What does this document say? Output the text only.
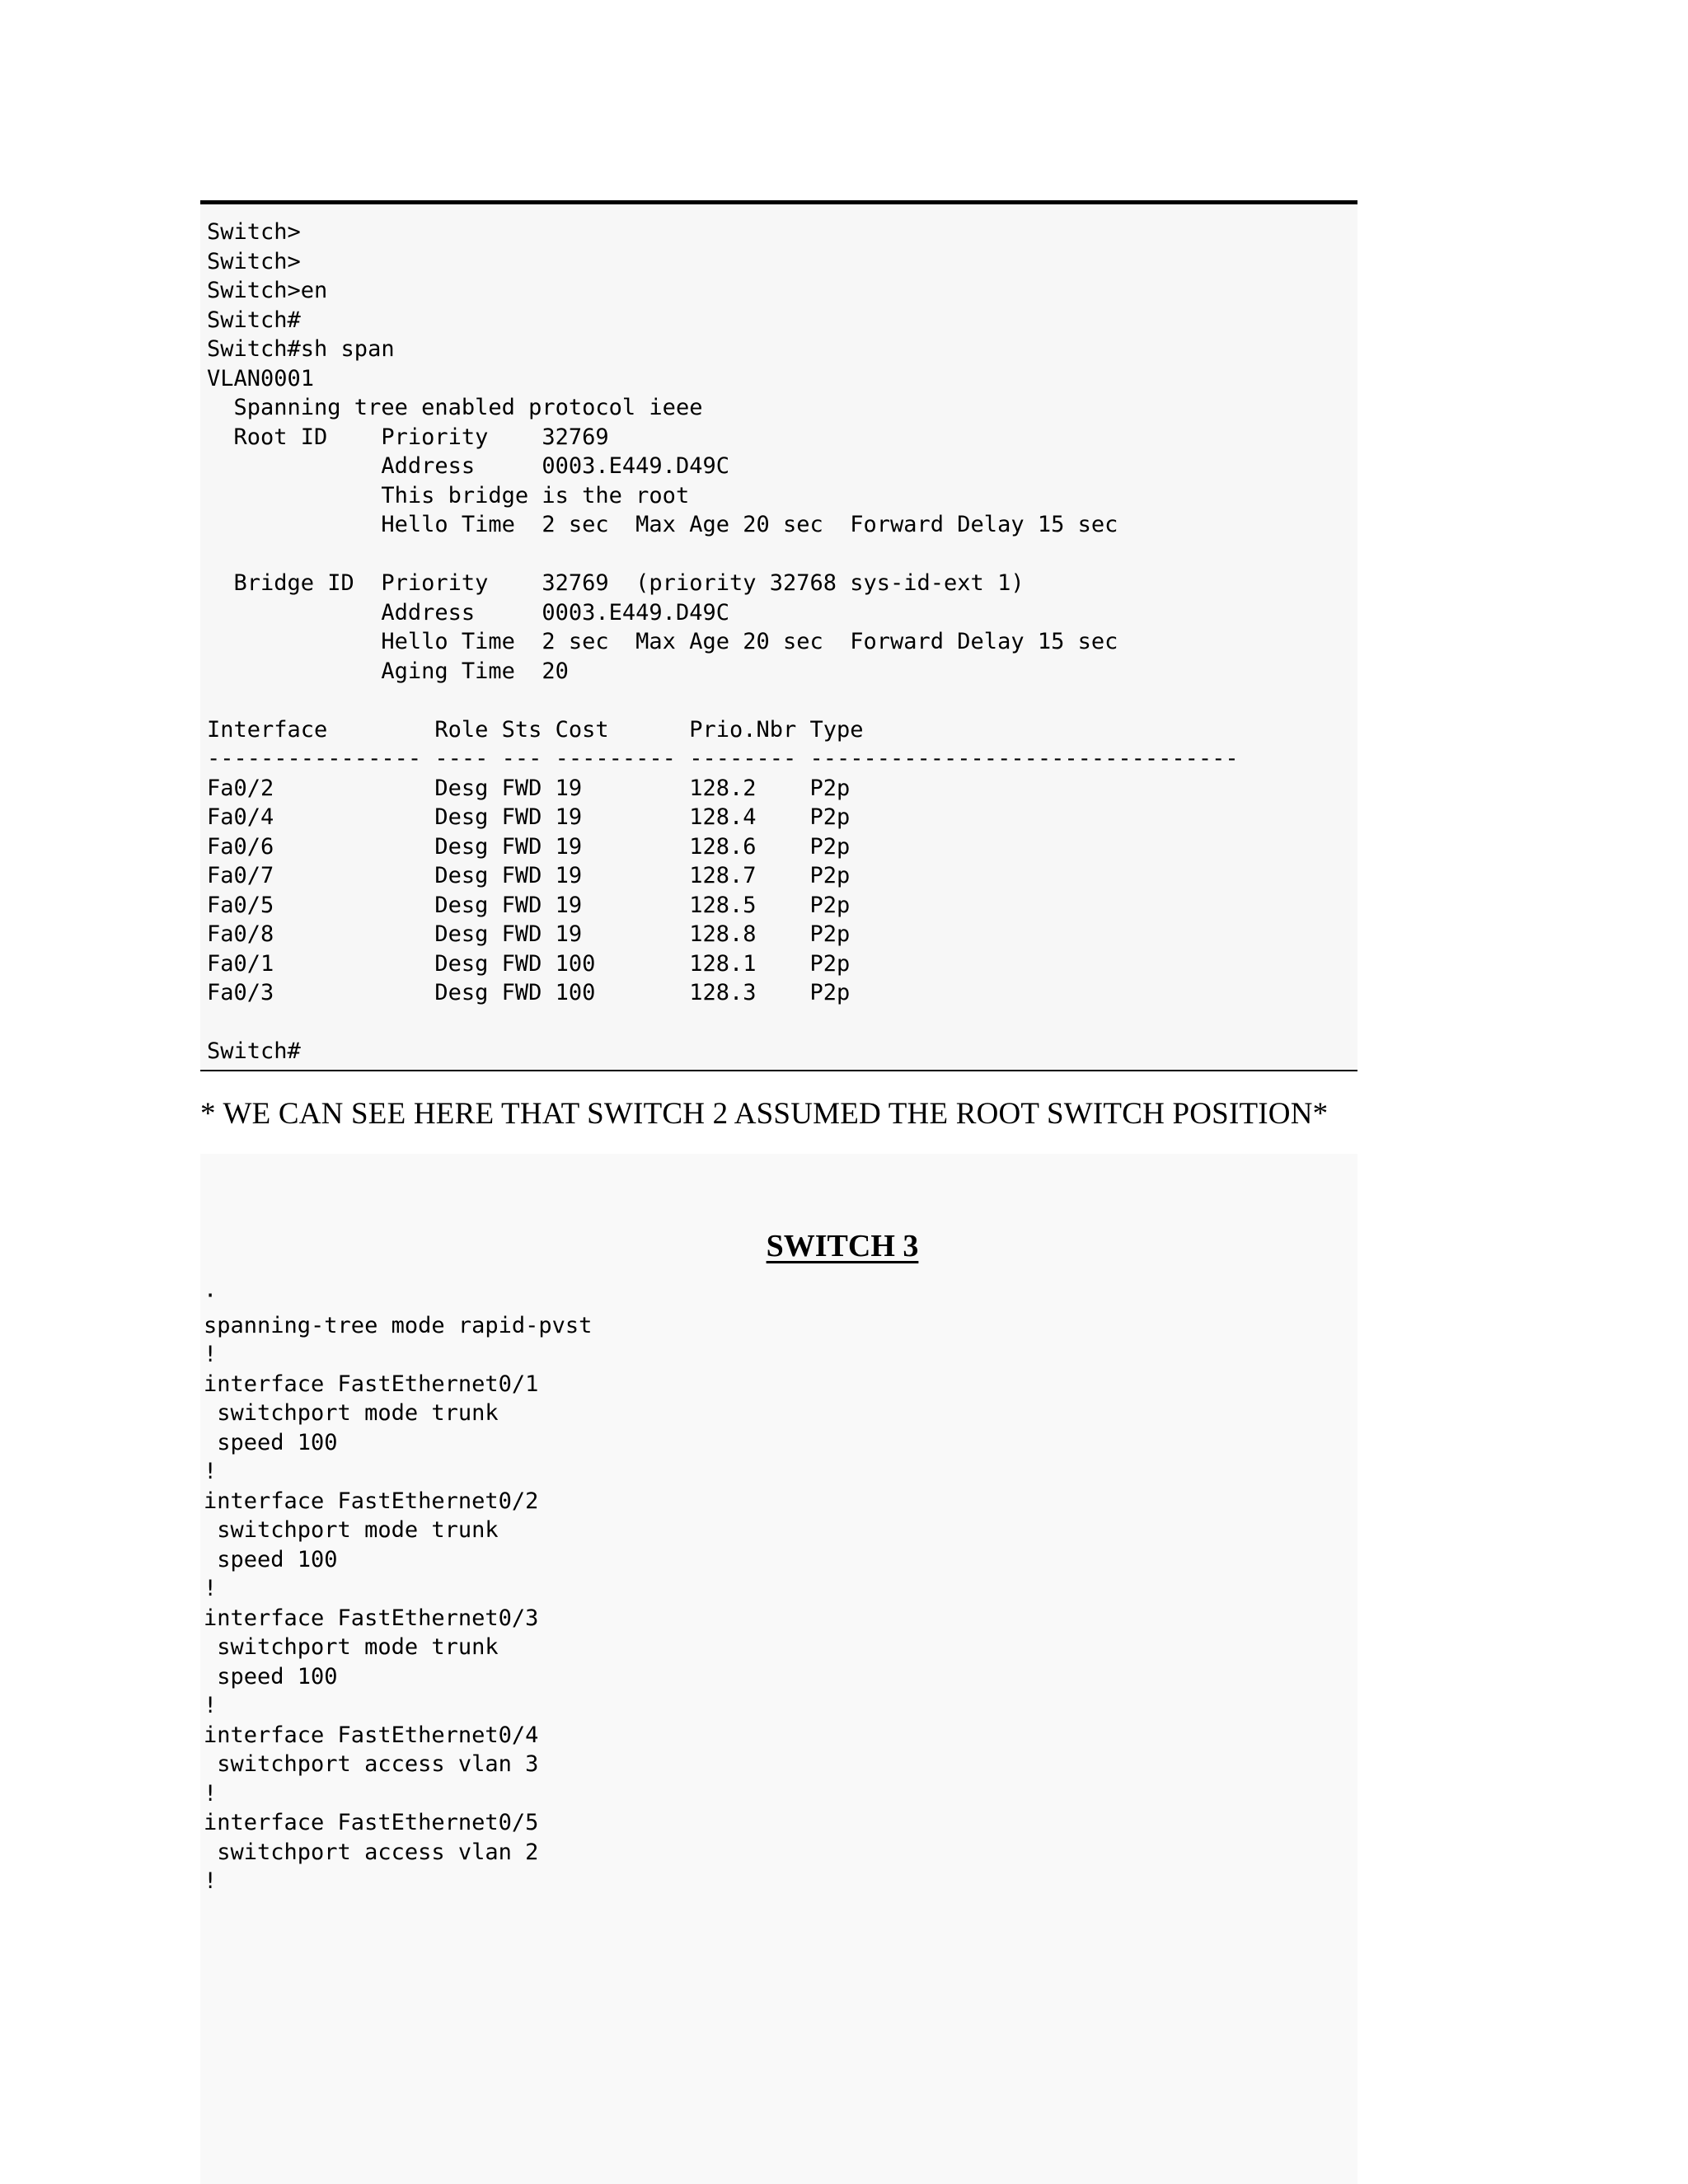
Switch>
Switch>
Switch>en
Switch#
Switch#sh span
VLAN0001
Spanning tree enabled protocol ieee
Root ID    Priority    32769
Address     0003.E449.D49C
This bridge is the root
Hello Time  2 sec  Max Age 20 sec  Forward Delay 15 sec
Bridge ID  Priority    32769  (priority 32768 sys-id-ext 1)
Address     0003.E449.D49C
Hello Time  2 sec  Max Age 20 sec  Forward Delay 15 sec
Aging Time  20
Interface        Role Sts Cost      Prio.Nbr Type
---------------- ---- --- --------- -------- --------------------------------
Fa0/2            Desg FWD 19        128.2    P2p
Fa0/4            Desg FWD 19        128.4    P2p
Fa0/6            Desg FWD 19        128.6    P2p
Fa0/7            Desg FWD 19        128.7    P2p
Fa0/5            Desg FWD 19        128.5    P2p
Fa0/8            Desg FWD 19        128.8    P2p
Fa0/1            Desg FWD 100       128.1    P2p
Fa0/3            Desg FWD 100       128.3    P2p
Switch#
* WE CAN SEE HERE THAT SWITCH 2 ASSUMED THE ROOT SWITCH POSITION*
SWITCH 3
·
spanning-tree mode rapid-pvst
!
interface FastEthernet0/1
switchport mode trunk
speed 100
!
interface FastEthernet0/2
switchport mode trunk
speed 100
!
interface FastEthernet0/3
switchport mode trunk
speed 100
!
interface FastEthernet0/4
switchport access vlan 3
!
interface FastEthernet0/5
switchport access vlan 2
!
